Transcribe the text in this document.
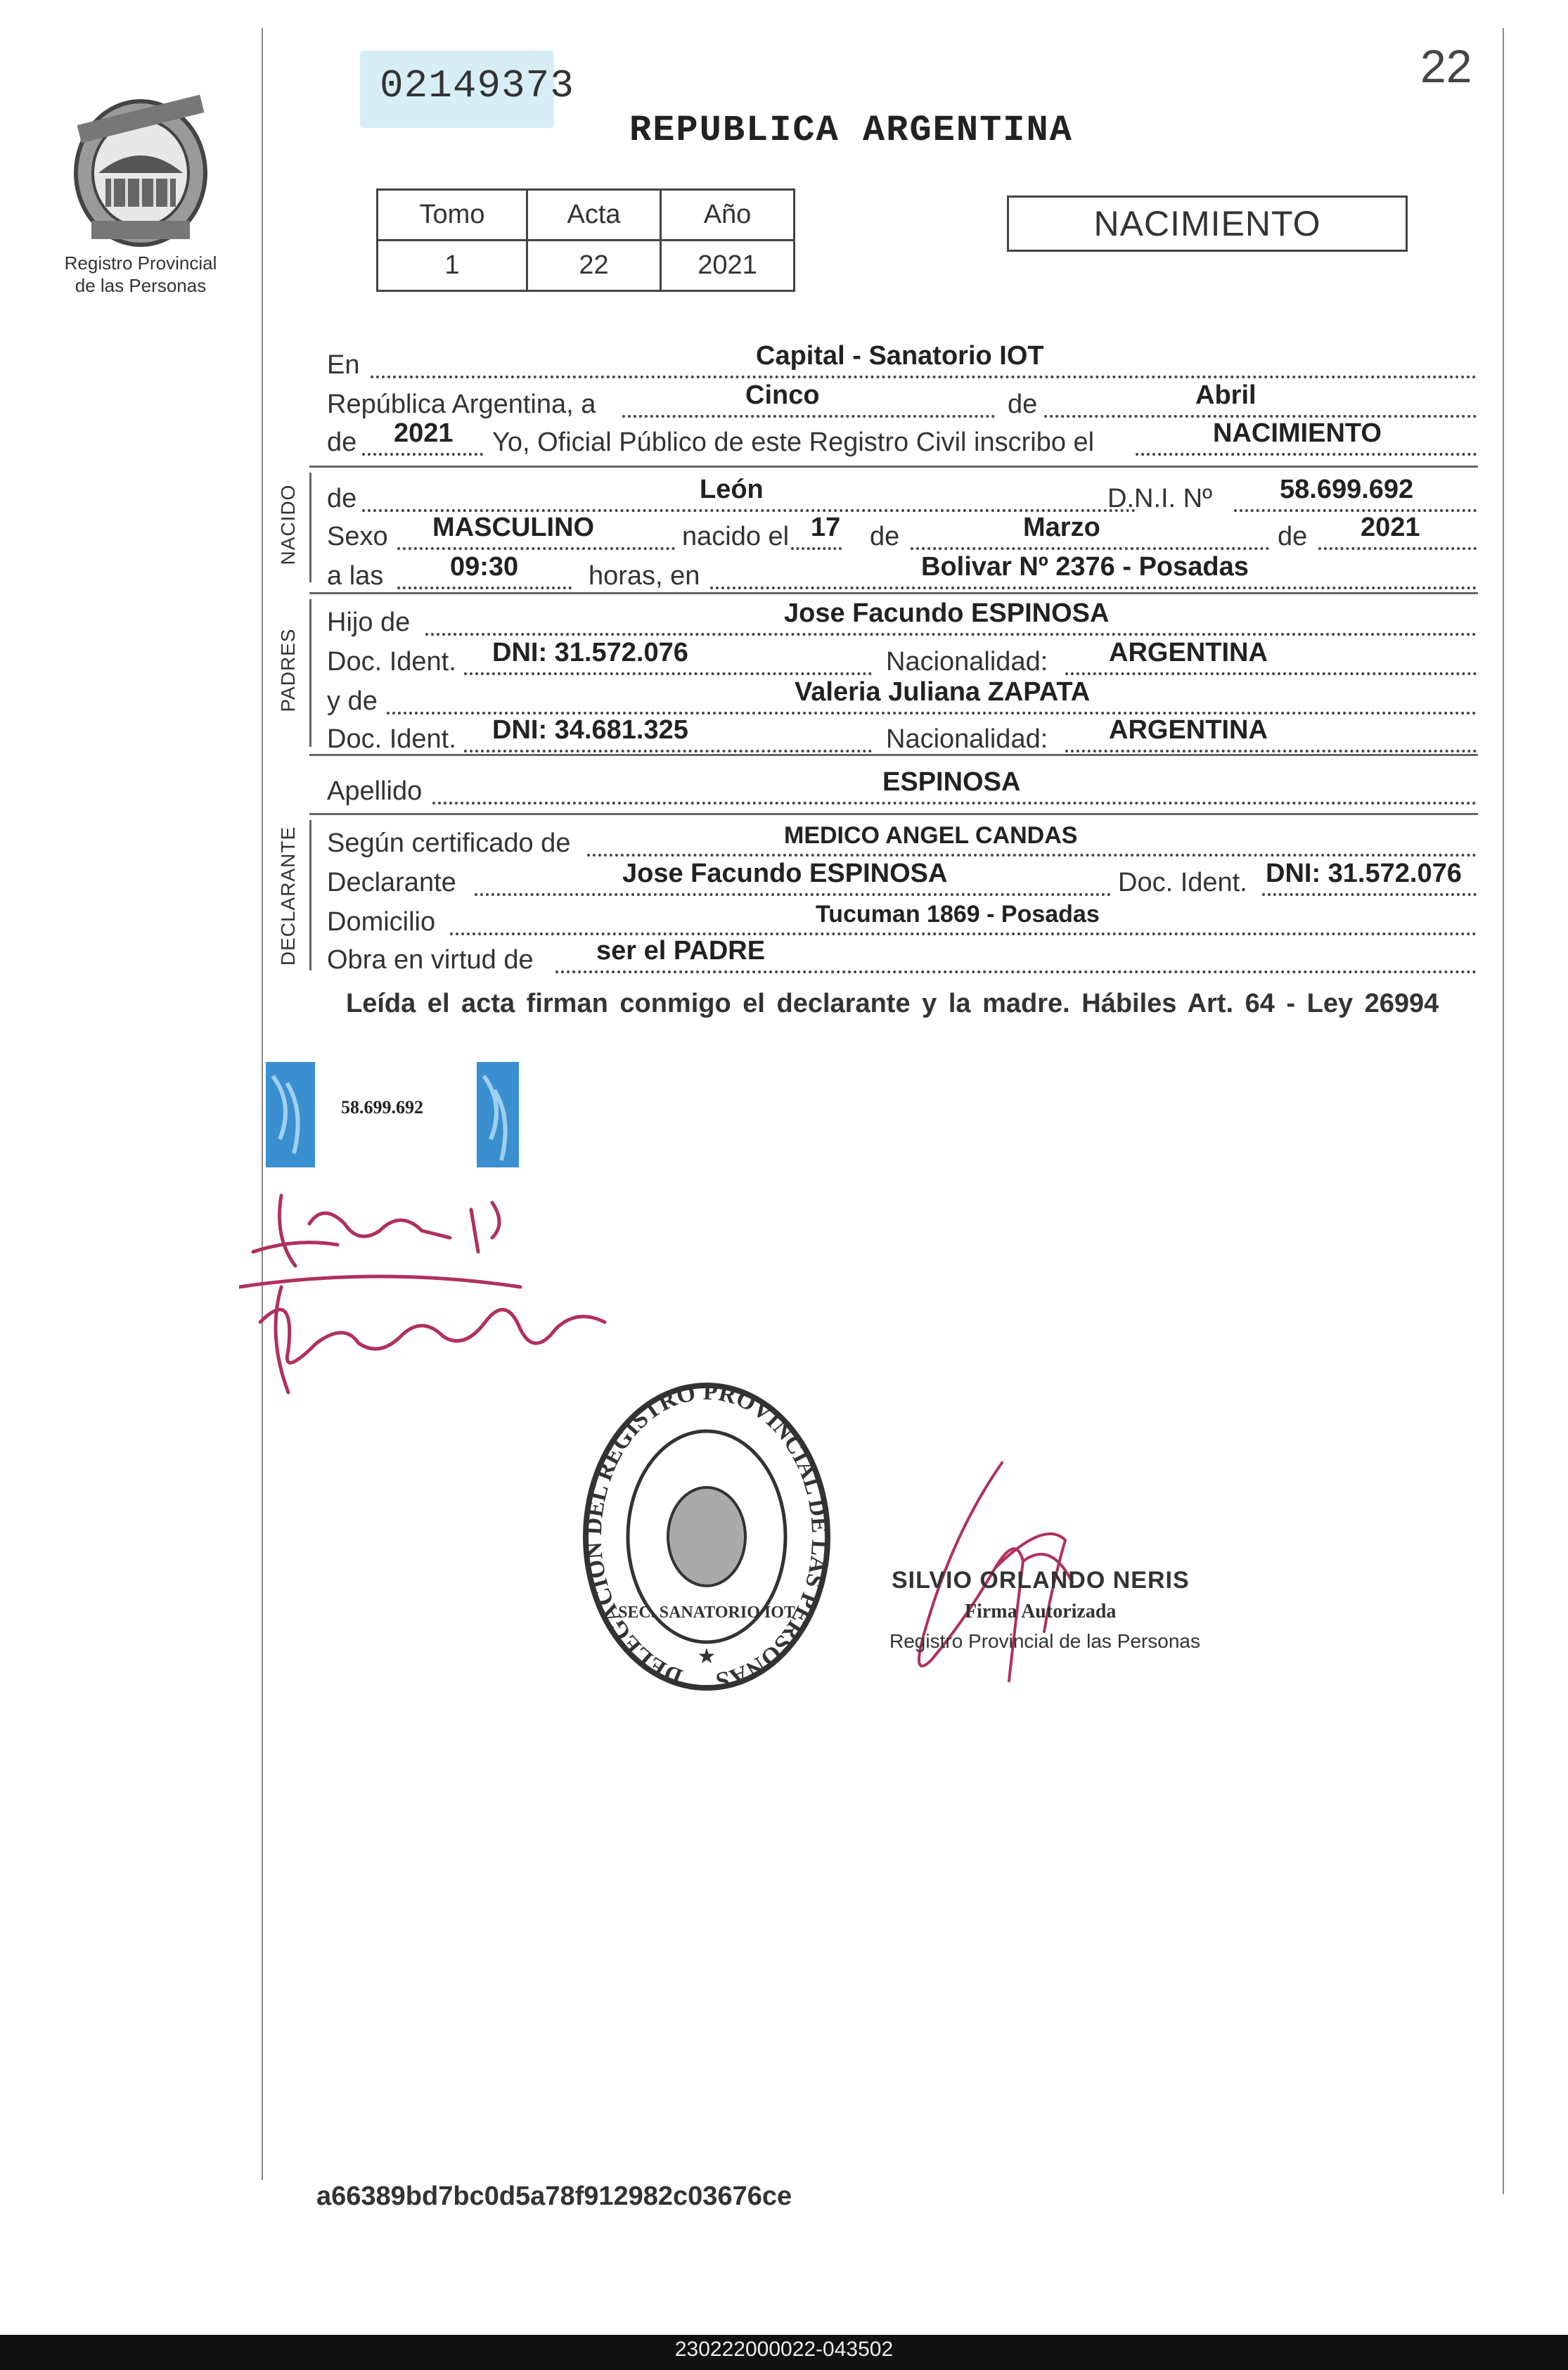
02149373	22
REPUBLICA ARGENTINA
Registro Provincial
de las Personas
Tomo	Acta	Año
1	22	2021
NACIMIENTO
En	Capital - Sanatorio IOT
República Argentina, a	Cinco	de	Abril
de 2021 Yo, Oficial Público de este Registro Civil inscribo el	NACIMIENTO
NACIDO de	León	D.N.I. Nº	58.699.692
Sexo MASCULINO	nacido el 17 de	Marzo	de 2021
a las 09:30	horas, en	Bolivar Nº 2376 - Posadas
PADRES
Hijo de	Jose Facundo ESPINOSA
Doc. Ident. DNI: 31.572.076	Nacionalidad: ARGENTINA
y de	Valeria Juliana ZAPATA
Doc. Ident. DNI: 34.681.325	Nacionalidad: ARGENTINA
Apellido	ESPINOSA
DECLARANTE Según certificado de	MEDICO ANGEL CANDAS
Declarante	Jose Facundo ESPINOSA	Doc. Ident. DNI: 31.572.076
Domicilio	Tucuman 1869 - Posadas
Obra en virtud de ser el PADRE
Leída el acta firman conmigo el declarante y la madre. Hábiles Art. 64 - Ley 26994
58.699.692
DELEGACION DEL REGISTRO PROVINCIAL DE LAS PERSONAS
SEC. SANATORIO IOT
★
SILVIO ORLANDO NERIS
Firma Autorizada
Registro Provincial de las Personas
a66389bd7bc0d5a78f912982c03676ce
230222000022-043502
